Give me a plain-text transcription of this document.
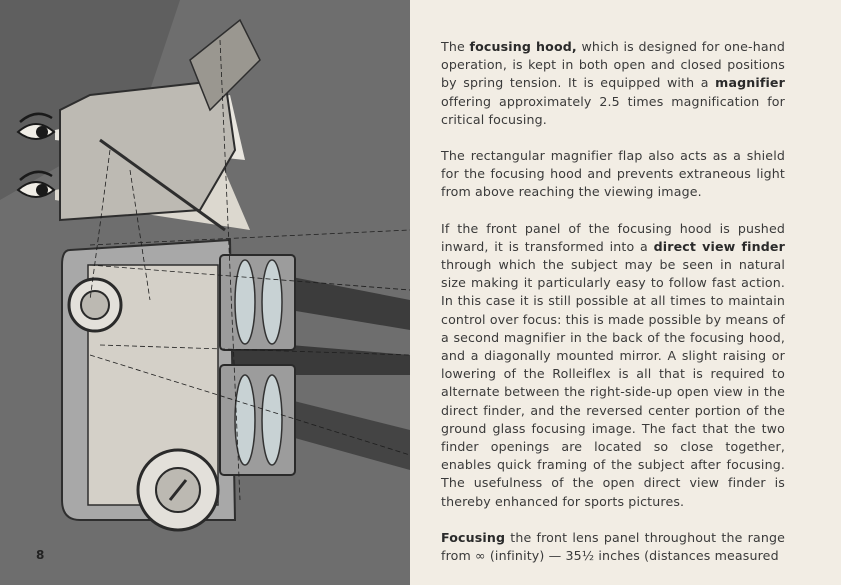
8

The focusing hood, which is designed for one-hand operation, is kept in both open and closed positions by spring tension. It is equipped with a magnifier offering approximately 2.5 times magnification for critical focusing.

The rectangular magnifier flap also acts as a shield for the focusing hood and prevents extraneous light from above reaching the viewing image.

If the front panel of the focusing hood is pushed inward, it is transformed into a direct view finder through which the subject may be seen in natural size making it particularly easy to follow fast action. In this case it is still possible at all times to maintain control over focus: this is made possible by means of a second magnifier in the back of the focusing hood, and a diagonally mounted mirror. A slight raising or lowering of the Rolleiflex is all that is required to alternate between the right-side-up open view in the direct finder, and the reversed center portion of the ground glass focusing image. The fact that the two finder openings are located so close together, enables quick framing of the subject after focusing. The usefulness of the open direct view finder is thereby enhanced for sports pictures.

Focusing the front lens panel throughout the range from ∞ (infinity) — 35½ inches (distances measured
